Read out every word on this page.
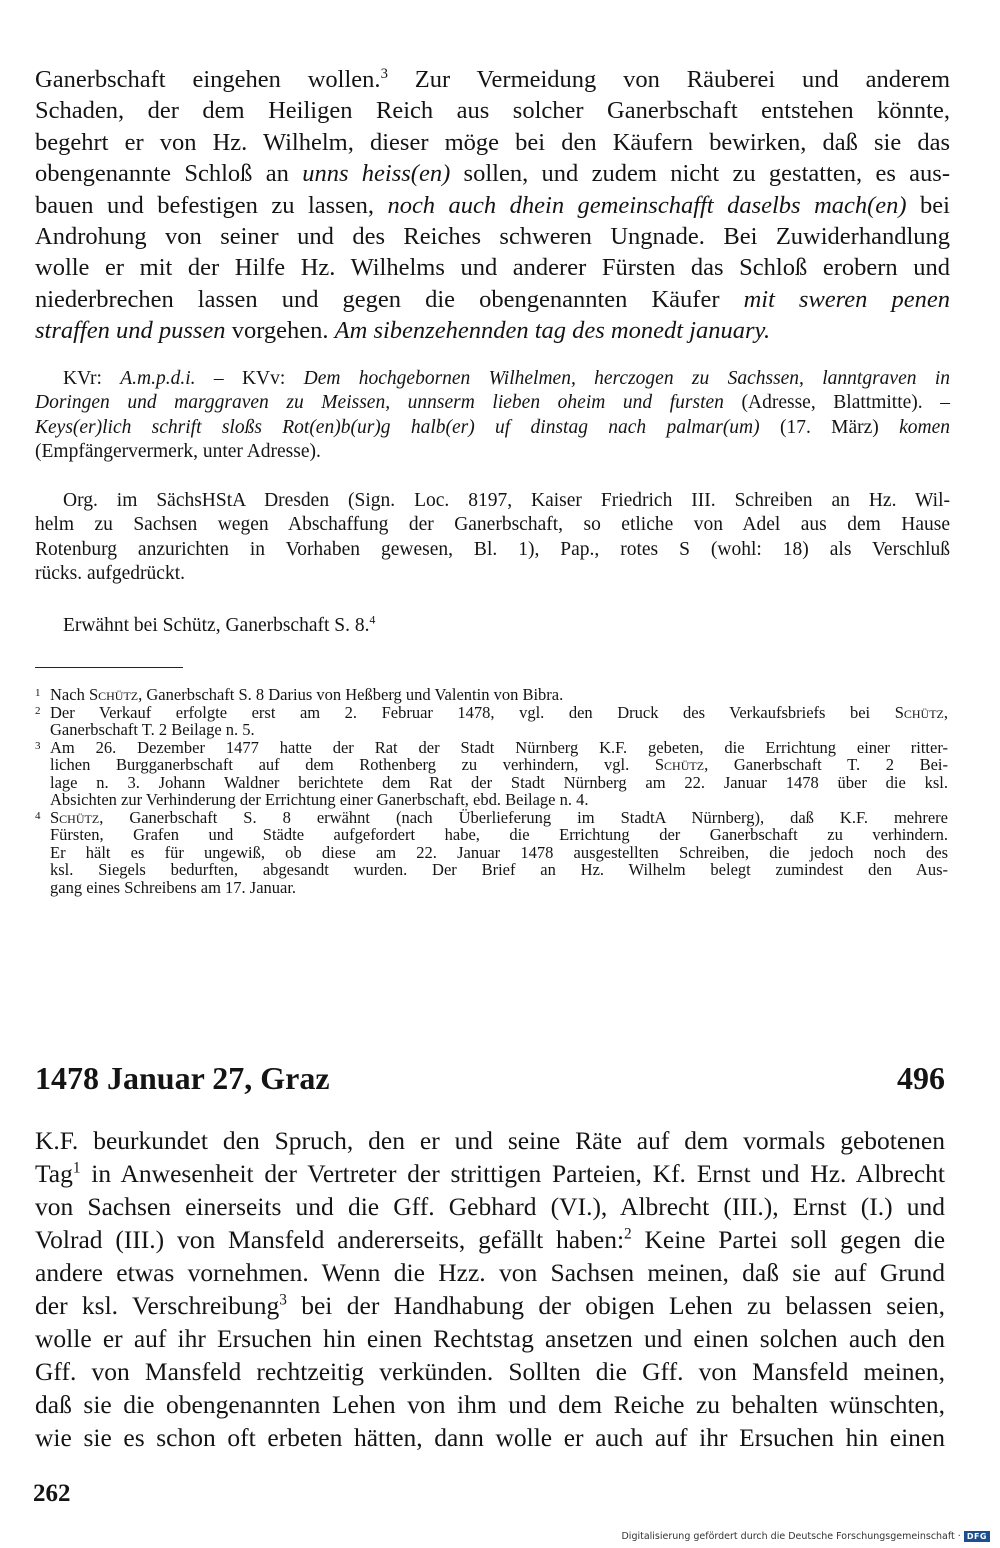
Ganerbschaft eingehen wollen.$^3$ Zur Vermeidung von Räuberei und anderem
Schaden, der dem Heiligen Reich aus solcher Ganerbschaft entstehen könnte,
begehrt er von Hz. Wilhelm, dieser möge bei den Käufern bewirken, daß sie das
obengenannte Schloß an unns heiss(en) sollen, und zudem nicht zu gestatten, es aus-
bauen und befestigen zu lassen, noch auch dhein gemeinschafft daselbs mach(en) bei
Androhung von seiner und des Reiches schweren Ungnade. Bei Zuwiderhandlung
wolle er mit der Hilfe Hz. Wilhelms und anderer Fürsten das Schloß erobern und
niederbrechen lassen und gegen die obengenannten Käufer mit sweren penen
straffen und pussen vorgehen. Am sibenzehennden tag des monedt january.
KVr: A.m.p.d.i. – KVv: Dem hochgebornen Wilhelmen, herczogen zu Sachssen, lanntgraven in
Doringen und marggraven zu Meissen, unnserm lieben oheim und fursten (Adresse, Blattmitte). –
Keys(er)lich schrift sloßs Rot(en)b(ur)g halb(er) uf dinstag nach palmar(um) (17. März) komen
(Empfängervermerk, unter Adresse).
Org. im SächsHStA Dresden (Sign. Loc. 8197, Kaiser Friedrich III. Schreiben an Hz. Wil-
helm zu Sachsen wegen Abschaffung der Ganerbschaft, so etliche von Adel aus dem Hause
Rotenburg anzurichten in Vorhaben gewesen, Bl. 1), Pap., rotes S (wohl: 18) als Verschluß
rücks. aufgedrückt.
Erwähnt bei Schütz, Ganerbschaft S. 8.$^4$
1 Nach Schütz, Ganerbschaft S. 8 Darius von Heßberg und Valentin von Bibra.
2 Der Verkauf erfolgte erst am 2. Februar 1478, vgl. den Druck des Verkaufsbriefs bei Schütz,
Ganerbschaft T. 2 Beilage n. 5.
3 Am 26. Dezember 1477 hatte der Rat der Stadt Nürnberg K.F. gebeten, die Errichtung einer ritter-
lichen Burgganerbschaft auf dem Rothenberg zu verhindern, vgl. Schütz, Ganerbschaft T. 2 Bei-
lage n. 3. Johann Waldner berichtete dem Rat der Stadt Nürnberg am 22. Januar 1478 über die ksl.
Absichten zur Verhinderung der Errichtung einer Ganerbschaft, ebd. Beilage n. 4.
4 Schütz, Ganerbschaft S. 8 erwähnt (nach Überlieferung im StadtA Nürnberg), daß K.F. mehrere
Fürsten, Grafen und Städte aufgefordert habe, die Errichtung der Ganerbschaft zu verhindern.
Er hält es für ungewiß, ob diese am 22. Januar 1478 ausgestellten Schreiben, die jedoch noch des
ksl. Siegels bedurften, abgesandt wurden. Der Brief an Hz. Wilhelm belegt zumindest den Aus-
gang eines Schreibens am 17. Januar.
1478 Januar 27, Graz	496
K.F. beurkundet den Spruch, den er und seine Räte auf dem vormals gebotenen
Tag$^1$ in Anwesenheit der Vertreter der strittigen Parteien, Kf. Ernst und Hz. Albrecht
von Sachsen einerseits und die Gff. Gebhard (VI.), Albrecht (III.), Ernst (I.) und
Volrad (III.) von Mansfeld andererseits, gefällt haben:$^2$ Keine Partei soll gegen die
andere etwas vornehmen. Wenn die Hzz. von Sachsen meinen, daß sie auf Grund
der ksl. Verschreibung$^3$ bei der Handhabung der obigen Lehen zu belassen seien,
wolle er auf ihr Ersuchen hin einen Rechtstag ansetzen und einen solchen auch den
Gff. von Mansfeld rechtzeitig verkünden. Sollten die Gff. von Mansfeld meinen,
daß sie die obengenannten Lehen von ihm und dem Reiche zu behalten wünschten,
wie sie es schon oft erbeten hätten, dann wolle er auch auf ihr Ersuchen hin einen
262
Digitalisierung gefördert durch die Deutsche Forschungsgemeinschaft · DFG
